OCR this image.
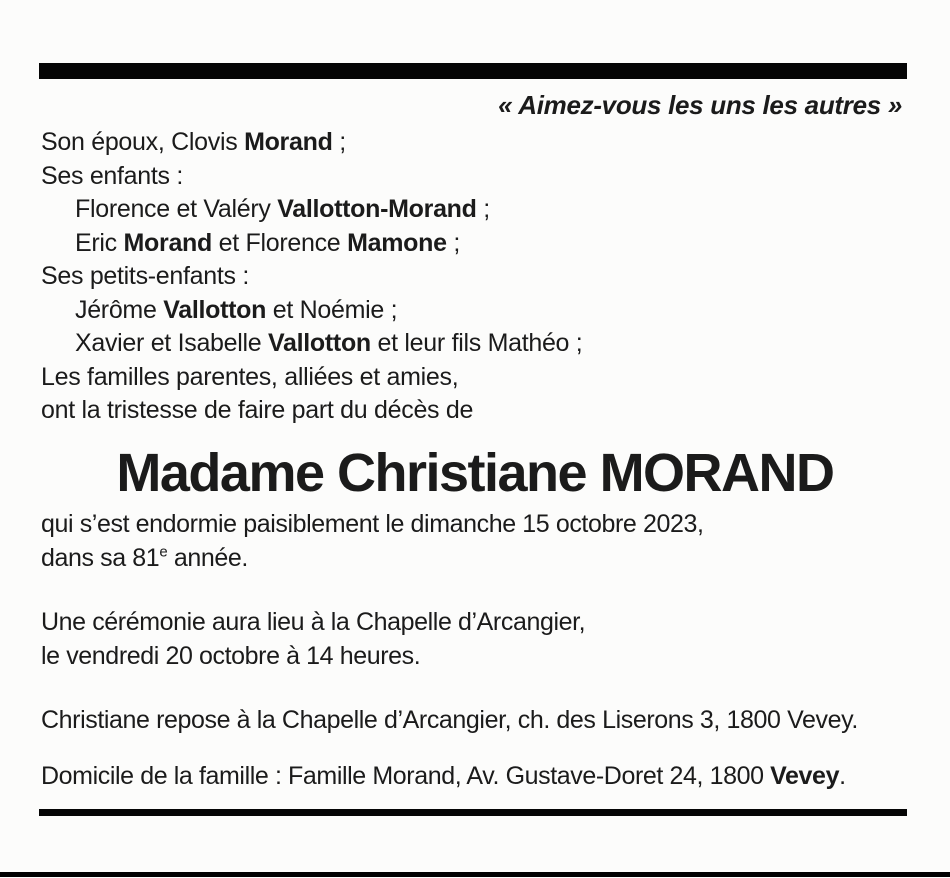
« Aimez-vous les uns les autres »
Son époux, Clovis Morand ;
Ses enfants :
Florence et Valéry Vallotton-Morand ;
Eric Morand et Florence Mamone ;
Ses petits-enfants :
Jérôme Vallotton et Noémie ;
Xavier et Isabelle Vallotton et leur fils Mathéo ;
Les familles parentes, alliées et amies,
ont la tristesse de faire part du décès de
Madame Christiane MORAND
qui s’est endormie paisiblement le dimanche 15 octobre 2023,
dans sa 81e année.
Une cérémonie aura lieu à la Chapelle d’Arcangier,
le vendredi 20 octobre à 14 heures.
Christiane repose à la Chapelle d’Arcangier, ch. des Liserons 3, 1800 Vevey.
Domicile de la famille : Famille Morand, Av. Gustave-Doret 24, 1800 Vevey.
